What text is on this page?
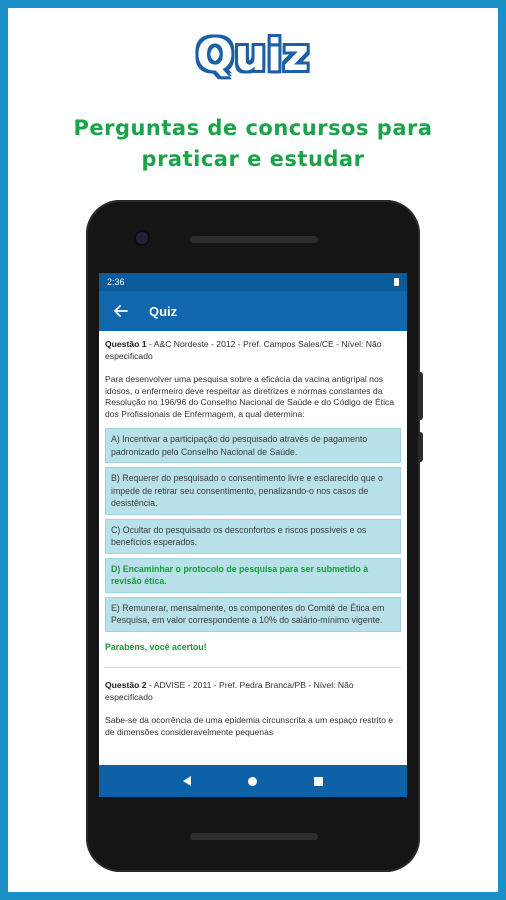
Quiz
Perguntas de concursos para
praticar e estudar
2:36
Quiz
Questão 1 - A&C Nordeste - 2012 - Pref. Campos Sales/CE - Nível: Não especificado
Para desenvolver uma pesquisa sobre a eficácia da vacina antigripal nos idosos, o enfermeiro deve respeitar as diretrizes e normas constantes da Resolução no 196/96 do Conselho Nacional de Saúde e do Código de Ética dos Profissionais de Enfermagem, a qual determina:
A) Incentivar a participação do pesquisado através de pagamento padronizado pelo Conselho Nacional de Saúde.
B) Requerer do pesquisado o consentimento livre e esclarecido que o impede de retirar seu consentimento, penalizando-o nos casos de desistência.
C) Ocultar do pesquisado os desconfortos e riscos possíveis e os benefícios esperados.
D) Encaminhar o protocolo de pesquisa para ser submetido à revisão ética.
E) Remunerar, mensalmente, os componentes do Comitê de Ética em Pesquisa, em valor correspondente a 10% do salário-mínimo vigente.
Parabéns, você acertou!
Questão 2 - ADVISE - 2011 - Pref. Pedra Branca/PB - Nível: Não especificado
Sabe-se da ocorrência de uma epidemia circunscrita a um espaço restrito e de dimensões consideravelmente pequenas
